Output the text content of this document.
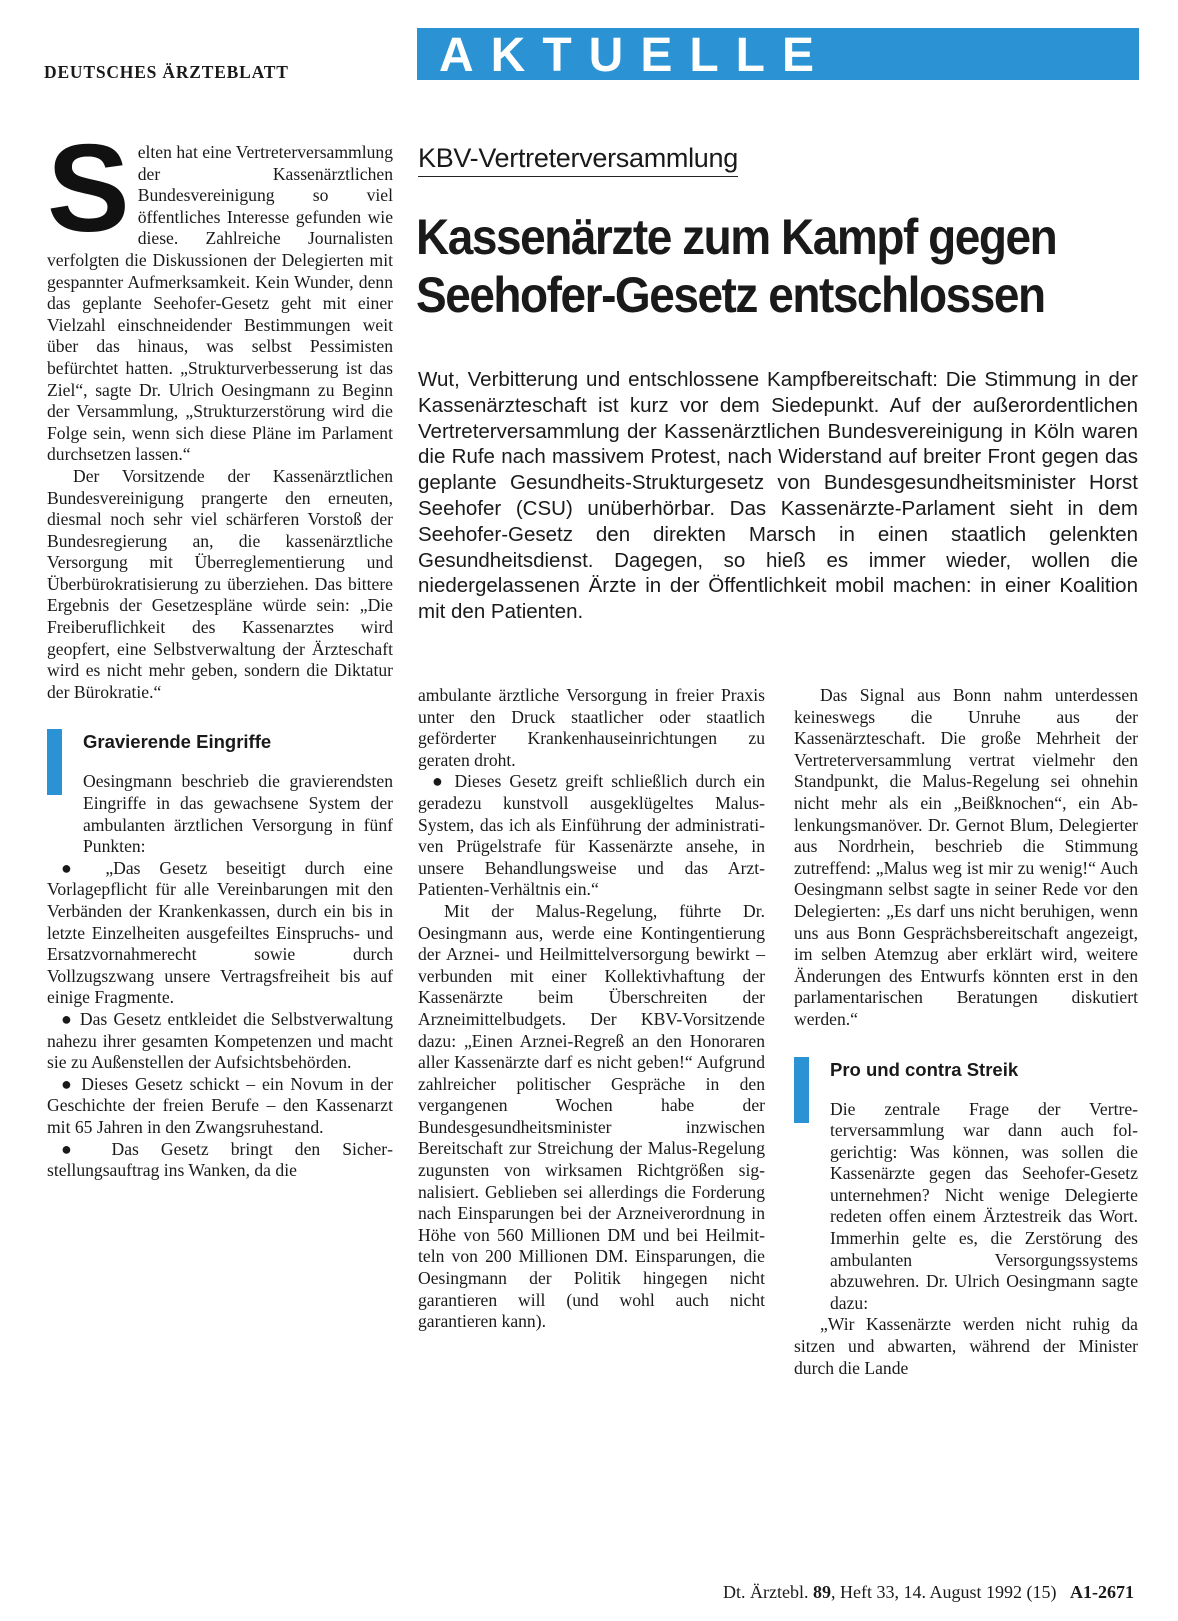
DEUTSCHES ÄRZTEBLATT	AKTUELLE POLITIK
KBV-Vertreterversammlung
Kassenärzte zum Kampf gegen
Seehofer-Gesetz entschlossen
Wut, Verbitterung und entschlossene Kampfbereitschaft: Die Stimmung in der Kassenärzteschaft ist kurz vor dem Siedepunkt. Auf der außerordentlichen Vertreterversammlung der Kassenärztlichen Bundesvereinigung in Köln waren die Rufe nach massivem Protest, nach Widerstand auf breiter Front gegen das geplante Gesundheits-Strukturgesetz von Bundesgesundheitsminister Horst Seehofer (CSU) unüberhörbar. Das Kassenärzte-Parlament sieht in dem Seehofer-Gesetz den direkten Marsch in einen staatlich gelenkten Gesundheitsdienst. Dagegen, so hieß es immer wieder, wollen die niedergelassenen Ärzte in der Öffentlichkeit mobil machen: in einer Koalition mit den Patienten.

Selten hat eine Vertreterversammlung der Kassenärztlichen Bundesvereinigung so viel öffentliches Interesse gefunden wie diese. Zahlreiche Journalisten verfolgten die Diskussionen der Delegierten mit gespannter Aufmerksamkeit. Kein Wunder, denn das geplante Seehofer-Gesetz geht mit einer Vielzahl einschneidender Bestimmungen weit über das hinaus, was selbst Pessimisten befürchtet hatten. „Strukturverbesserung ist das Ziel“, sagte Dr. Ulrich Oesingmann zu Beginn der Versammlung, „Strukturzerstörung wird die Folge sein, wenn sich diese Pläne im Parlament durchsetzen lassen.“

Der Vorsitzende der Kassenärztlichen Bundesvereinigung prangerte den erneuten, diesmal noch sehr viel schärferen Vorstoß der Bundesregierung an, die kassenärztliche Versorgung mit Überreglementierung und Überbürokratisierung zu überziehen. Das bittere Ergebnis der Gesetzespläne würde sein: „Die Freiberuflichkeit des Kassenarztes wird geopfert, eine Selbstverwaltung der Ärzteschaft wird es nicht mehr geben, sondern die Diktatur der Bürokratie.“

Gravierende Eingriffe

Oesingmann beschrieb die gravierendsten Eingriffe in das gewachsene System der ambulanten ärztlichen Versorgung in fünf Punkten:

● „Das Gesetz beseitigt durch eine Vorlagepflicht für alle Vereinbarungen mit den Verbänden der Krankenkassen, durch ein bis in letzte Einzelheiten ausgefeiltes Einspruchs- und Ersatzvornahmerecht sowie durch Vollzugszwang unsere Vertragsfreiheit bis auf einige Fragmente.

● Das Gesetz entkleidet die Selbstverwaltung nahezu ihrer gesamten Kompetenzen und macht sie zu Außenstellen der Aufsichtsbehörden.

● Dieses Gesetz schickt – ein Novum in der Geschichte der freien Berufe – den Kassenarzt mit 65 Jahren in den Zwangsruhestand.

● Das Gesetz bringt den Sicherstellungsauftrag ins Wanken, da die

ambulante ärztliche Versorgung in freier Praxis unter den Druck staatlicher oder staatlich geförderter Krankenhauseinrichtungen zu geraten droht.

● Dieses Gesetz greift schließlich durch ein geradezu kunstvoll ausgeklügeltes Malus-System, das ich als Einführung der administrativen Prügelstrafe für Kassenärzte ansehe, in unsere Behandlungsweise und das Arzt-Patienten-Verhältnis ein.“

Mit der Malus-Regelung, führte Dr. Oesingmann aus, werde eine Kontingentierung der Arznei- und Heilmittelversorgung bewirkt – verbunden mit einer Kollektivhaftung der Kassenärzte beim Überschreiten der Arzneimittelbudgets. Der KBV-Vorsitzende dazu: „Einen Arznei-Regreß an den Honoraren aller Kassenärzte darf es nicht geben!“ Aufgrund zahlreicher politischer Gespräche in den vergangenen Wochen habe der Bundesgesundheitsminister inzwischen Bereitschaft zur Streichung der Malus-Regelung zugunsten von wirksamen Richtgrößen signalisiert. Geblieben sei allerdings die Forderung nach Einsparungen bei der Arzneiverordnung in Höhe von 560 Millionen DM und bei Heilmitteln von 200 Millionen DM. Einsparungen, die Oesingmann der Politik hingegen nicht garantieren will (und wohl auch nicht garantieren kann).

Das Signal aus Bonn nahm unterdessen keineswegs die Unruhe aus der Kassenärzteschaft. Die große Mehrheit der Vertreterversammlung vertrat vielmehr den Standpunkt, die Malus-Regelung sei ohnehin nicht mehr als ein „Beißknochen“, ein Ablenkungsmanöver. Dr. Gernot Blum, Delegierter aus Nordrhein, beschrieb die Stimmung zutreffend: „Malus weg ist mir zu wenig!“ Auch Oesingmann selbst sagte in seiner Rede vor den Delegierten: „Es darf uns nicht beruhigen, wenn uns aus Bonn Gesprächsbereitschaft angezeigt, im selben Atemzug aber erklärt wird, weitere Änderungen des Entwurfs könnten erst in den parlamentarischen Beratungen diskutiert werden.“

Pro und contra Streik

Die zentrale Frage der Vertreterversammlung war dann auch folgerichtig: Was können, was sollen die Kassenärzte gegen das Seehofer-Gesetz unternehmen? Nicht wenige Delegierte redeten offen einem Ärztestreik das Wort. Immerhin gelte es, die Zerstörung des ambulanten Versorgungssystems abzuwehren. Dr. Ulrich Oesingmann sagte dazu:

„Wir Kassenärzte werden nicht ruhig da sitzen und abwarten, während der Minister durch die Lande

Dt. Ärztebl. 89, Heft 33, 14. August 1992 (15) A1-2671
